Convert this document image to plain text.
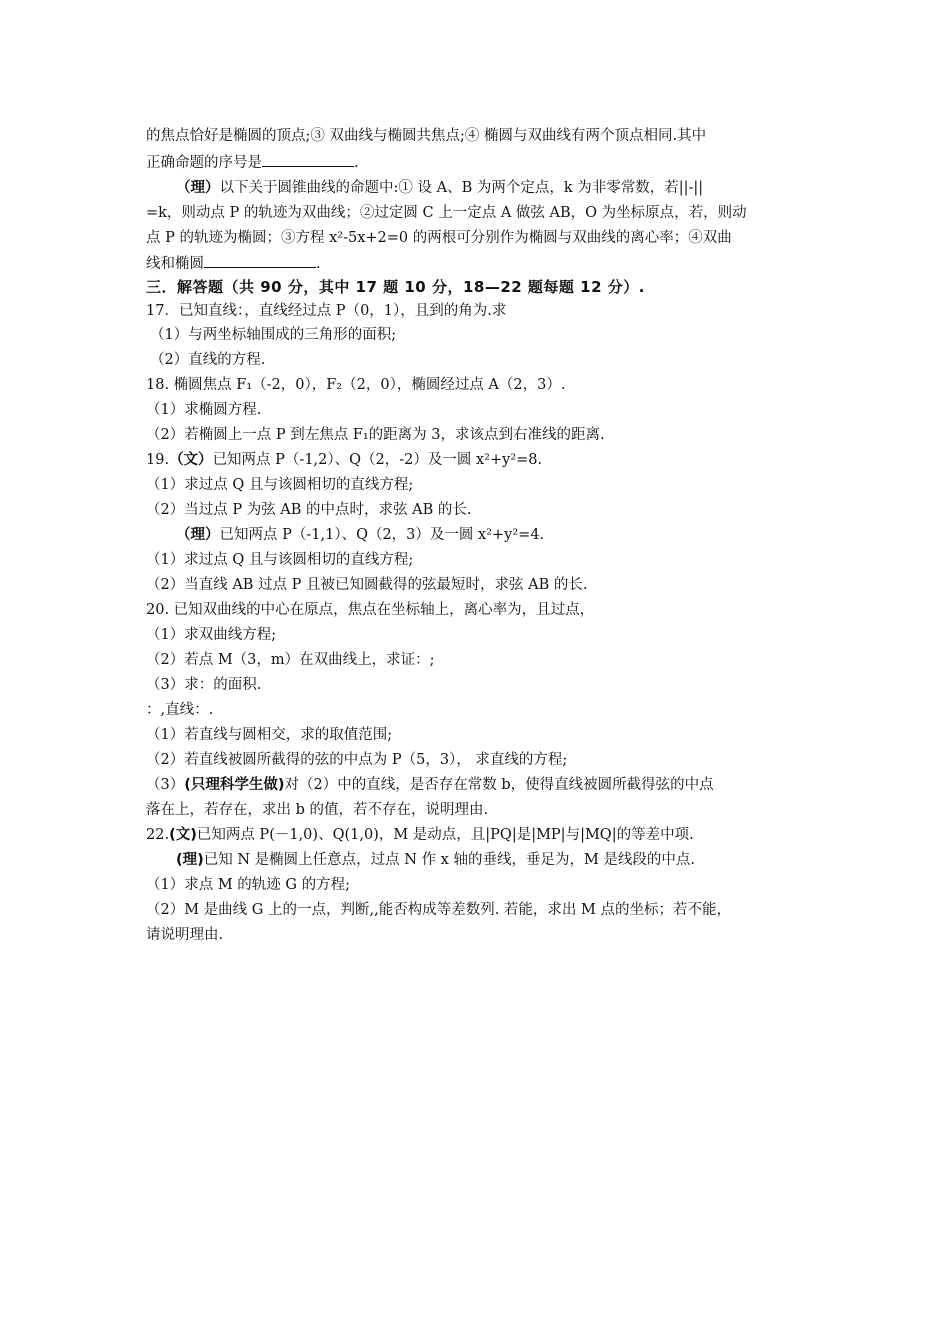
的焦点恰好是椭圆的顶点;③ 双曲线与椭圆共焦点;④ 椭圆与双曲线有两个顶点相同.其中
正确命题的序号是	.
（理）以下关于圆锥曲线的命题中:① 设 A、B 为两个定点，k 为非零常数，若||-||
=k，则动点 P 的轨迹为双曲线；②过定圆 C 上一定点 A 做弦 AB，O 为坐标原点，若，则动
点 P 的轨迹为椭圆；③方程 x²-5x+2=0 的两根可分别作为椭圆与双曲线的离心率；④双曲
线和椭圆	.
三．解答题（共 90 分，其中 17 题 10 分，18—22 题每题 12 分）.
17．已知直线：，直线经过点 P（0，1），且到的角为.求
（1）与两坐标轴围成的三角形的面积;
（2）直线的方程.
18. 椭圆焦点 F₁（-2，0），F₂（2，0），椭圆经过点 A（2，3）.
（1）求椭圆方程.
（2）若椭圆上一点 P 到左焦点 F₁的距离为 3，求该点到右准线的距离.
19.（文）已知两点 P（-1,2）、Q（2，-2）及一圆 x²+y²=8.
（1）求过点 Q 且与该圆相切的直线方程;
（2）当过点 P 为弦 AB 的中点时，求弦 AB 的长.
（理）已知两点 P（-1,1）、Q（2，3）及一圆 x²+y²=4.
（1）求过点 Q 且与该圆相切的直线方程;
（2）当直线 AB 过点 P 且被已知圆截得的弦最短时，求弦 AB 的长.
20. 已知双曲线的中心在原点，焦点在坐标轴上，离心率为，且过点，
（1）求双曲线方程;
（2）若点 M（3，m）在双曲线上，求证：;
（3）求：的面积.
：,直线：.
（1）若直线与圆相交，求的取值范围;
（2）若直线被圆所截得的弦的中点为 P（5，3）， 求直线的方程;
（3）(只理科学生做)对（2）中的直线，是否存在常数 b，使得直线被圆所截得弦的中点
落在上，若存在，求出 b 的值，若不存在，说明理由.
22.(文)已知两点 P(－1,0)、Q(1,0)，M 是动点，且|PQ|是|MP|与|MQ|的等差中项.
(理)已知 N 是椭圆上任意点，过点 N 作 x 轴的垂线，垂足为，M 是线段的中点.
（1）求点 M 的轨迹 G 的方程;
（2）M 是曲线 G 上的一点，判断,,能否构成等差数列. 若能，求出 M 点的坐标；若不能，
请说明理由.
